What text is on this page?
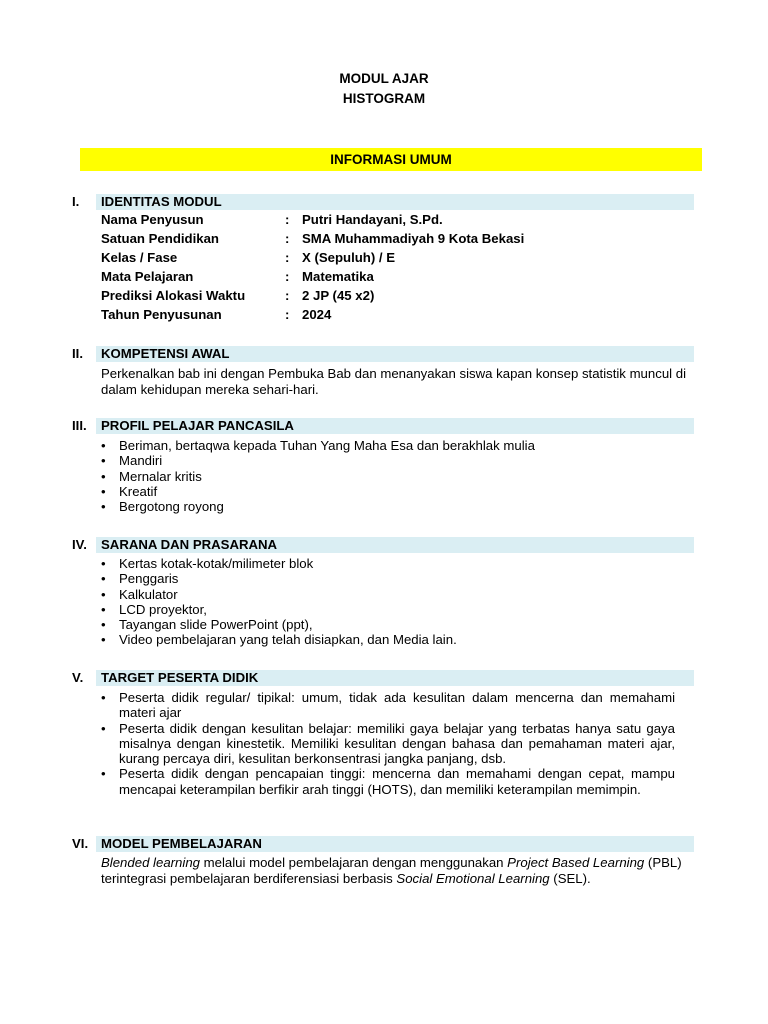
MODUL AJAR
HISTOGRAM
INFORMASI UMUM
I. IDENTITAS MODUL
Nama Penyusun	: Putri Handayani, S.Pd.
Satuan Pendidikan	: SMA Muhammadiyah 9 Kota Bekasi
Kelas / Fase	: X (Sepuluh) / E
Mata Pelajaran	: Matematika
Prediksi Alokasi Waktu	: 2 JP (45 x2)
Tahun Penyusunan	: 2024
II. KOMPETENSI AWAL
Perkenalkan bab ini dengan Pembuka Bab dan menanyakan siswa kapan konsep statistik muncul di dalam kehidupan mereka sehari-hari.
III. PROFIL PELAJAR PANCASILA
• Beriman, bertaqwa kepada Tuhan Yang Maha Esa dan berakhlak mulia
• Mandiri
• Mernalar kritis
• Kreatif
• Bergotong royong
IV. SARANA DAN PRASARANA
• Kertas kotak-kotak/milimeter blok
• Penggaris
• Kalkulator
• LCD proyektor,
• Tayangan slide PowerPoint (ppt),
• Video pembelajaran yang telah disiapkan, dan Media lain.
V. TARGET PESERTA DIDIK
• Peserta didik regular/ tipikal: umum, tidak ada kesulitan dalam mencerna dan memahami materi ajar
• Peserta didik dengan kesulitan belajar: memiliki gaya belajar yang terbatas hanya satu gaya misalnya dengan kinestetik. Memiliki kesulitan dengan bahasa dan pemahaman materi ajar, kurang percaya diri, kesulitan berkonsentrasi jangka panjang, dsb.
• Peserta didik dengan pencapaian tinggi: mencerna dan memahami dengan cepat, mampu mencapai keterampilan berfikir arah tinggi (HOTS), dan memiliki keterampilan memimpin.
VI. MODEL PEMBELAJARAN
Blended learning melalui model pembelajaran dengan menggunakan Project Based Learning (PBL) terintegrasi pembelajaran berdiferensiasi berbasis Social Emotional Learning (SEL).
